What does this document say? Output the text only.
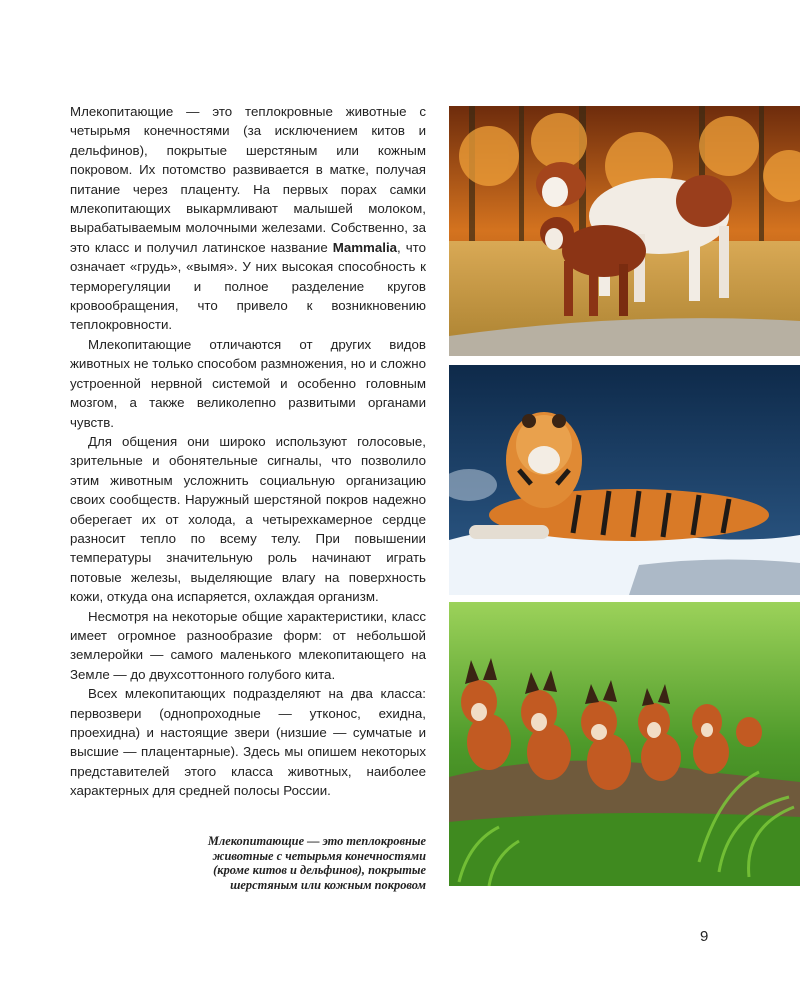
Млекопитающие — это теплокровные животные с четырьмя конечностями (за исключением китов и дельфинов), покрытые шерстяным или кожным покровом. Их потомство развивается в матке, получая питание через плаценту. На первых порах самки млекопитающих выкармливают малышей молоком, вырабатываемым молочными железами. Собственно, за это класс и получил латинское название Mammalia, что означает «грудь», «вымя». У них высокая способность к терморегуляции и полное разделение кругов кровообращения, что привело к возникновению теплокровности.

Млекопитающие отличаются от других видов животных не только способом размножения, но и сложно устроенной нервной системой и особенно головным мозгом, а также великолепно развитыми органами чувств.

Для общения они широко используют голосовые, зрительные и обонятельные сигналы, что позволило этим животным усложнить социальную организацию своих сообществ. Наружный шерстяной покров надежно оберегает их от холода, а четырехкамерное сердце разносит тепло по всему телу. При повышении температуры значительную роль начинают играть потовые железы, выделяющие влагу на поверхность кожи, откуда она испаряется, охлаждая организм.

Несмотря на некоторые общие характеристики, класс имеет огромное разнообразие форм: от небольшой землеройки — самого маленького млекопитающего на Земле — до двухсоттонного голубого кита.

Всех млекопитающих подразделяют на два класса: первозвери (однопроходные — утконос, ехидна, проехидна) и настоящие звери (низшие — сумчатые и высшие — плацентарные). Здесь мы опишем некоторых представителей этого класса животных, наиболее характерных для средней полосы России.

Млекопитающие — это теплокровные животные с четырьмя конечностями (кроме китов и дельфинов), покрытые шерстяным или кожным покровом
9
